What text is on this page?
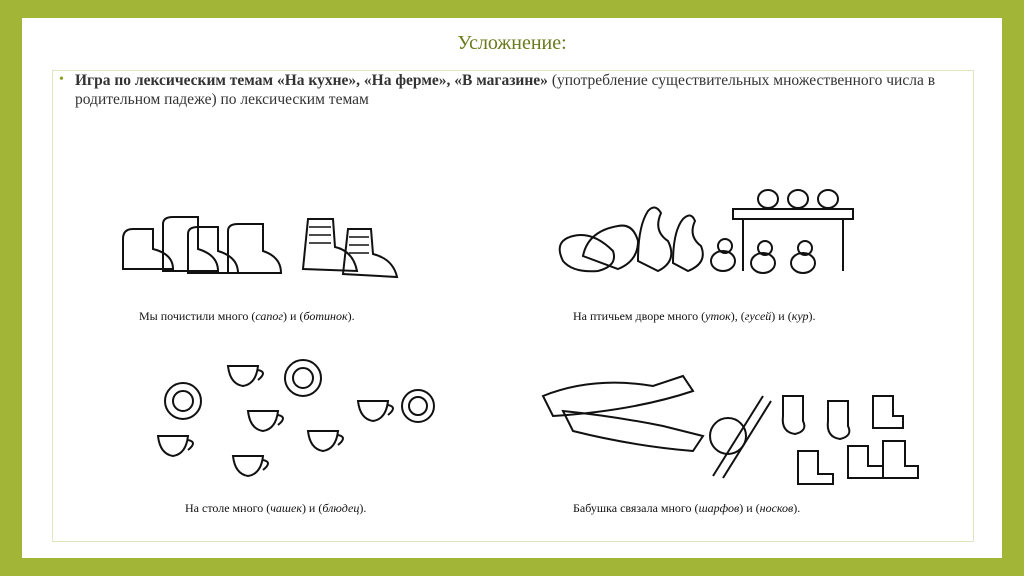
Усложнение:
• Игра по лексическим темам «На кухне», «На ферме», «В магазине» (употребление существительных множественного числа в родительном падеже) по лексическим темам
Мы почистили много (сапог) и (ботинок).	На птичьем дворе много (уток), (гусей) и (кур).
На столе много (чашек) и (блюдец).	Бабушка связала много (шарфов) и (носков).
